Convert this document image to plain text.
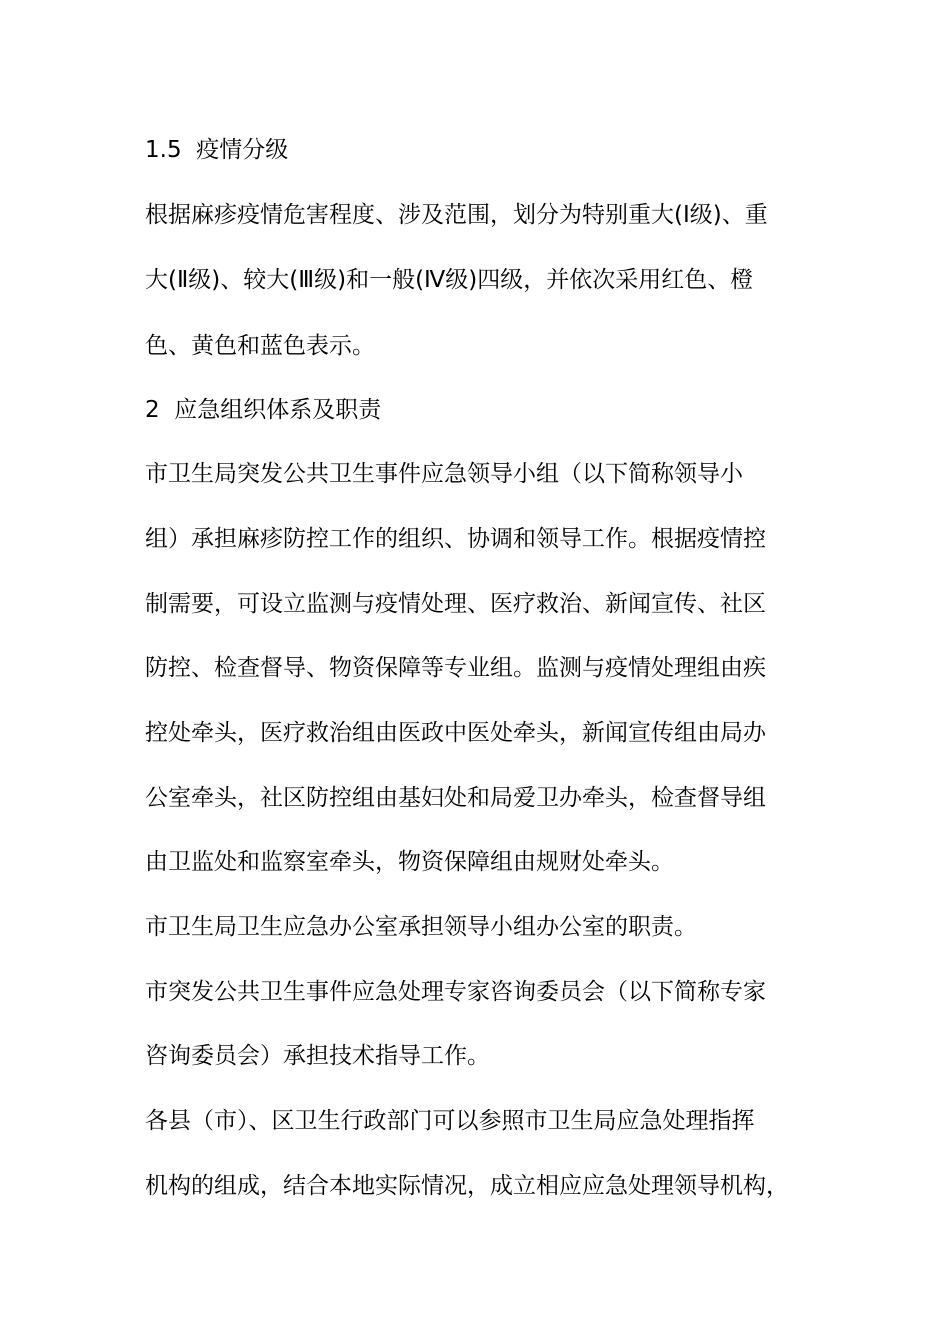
1.5 疫情分级
根据麻疹疫情危害程度、涉及范围，划分为特别重大(Ⅰ级)、重
大(Ⅱ级)、较大(Ⅲ级)和一般(Ⅳ级)四级，并依次采用红色、橙
色、黄色和蓝色表示。
2 应急组织体系及职责
市卫生局突发公共卫生事件应急领导小组（以下简称领导小
组）承担麻疹防控工作的组织、协调和领导工作。根据疫情控
制需要，可设立监测与疫情处理、医疗救治、新闻宣传、社区
防控、检查督导、物资保障等专业组。监测与疫情处理组由疾
控处牵头，医疗救治组由医政中医处牵头，新闻宣传组由局办
公室牵头，社区防控组由基妇处和局爱卫办牵头，检查督导组
由卫监处和监察室牵头，物资保障组由规财处牵头。
市卫生局卫生应急办公室承担领导小组办公室的职责。
市突发公共卫生事件应急处理专家咨询委员会（以下简称专家
咨询委员会）承担技术指导工作。
各县（市）、区卫生行政部门可以参照市卫生局应急处理指挥
机构的组成，结合本地实际情况，成立相应应急处理领导机构，
